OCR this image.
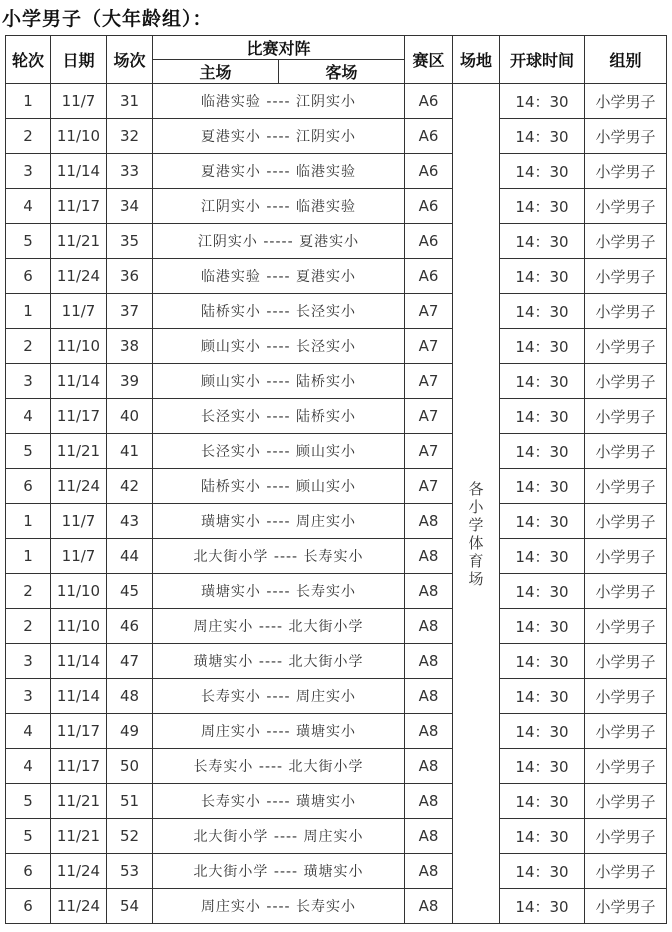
小学男子（大年龄组）：
轮次	日期	场次	比赛对阵		赛区	场地	开球时间	组别
			主场	客场				
1	11/7	31	临港实验 ---- 江阴实小		A6	各小学体育场	14：30	小学男子
2	11/10	32	夏港实小 ---- 江阴实小		A6		14：30	小学男子
3	11/14	33	夏港实小 ---- 临港实验		A6		14：30	小学男子
4	11/17	34	江阴实小 ---- 临港实验		A6		14：30	小学男子
5	11/21	35	江阴实小 ----- 夏港实小		A6		14：30	小学男子
6	11/24	36	临港实验 ---- 夏港实小		A6		14：30	小学男子
1	11/7	37	陆桥实小 ---- 长泾实小		A7		14：30	小学男子
2	11/10	38	顾山实小 ---- 长泾实小		A7		14：30	小学男子
3	11/14	39	顾山实小 ---- 陆桥实小		A7		14：30	小学男子
4	11/17	40	长泾实小 ---- 陆桥实小		A7		14：30	小学男子
5	11/21	41	长泾实小 ---- 顾山实小		A7		14：30	小学男子
6	11/24	42	陆桥实小 ---- 顾山实小		A7		14：30	小学男子
1	11/7	43	璜塘实小 ---- 周庄实小		A8		14：30	小学男子
1	11/7	44	北大街小学 ---- 长寿实小		A8		14：30	小学男子
2	11/10	45	璜塘实小 ---- 长寿实小		A8		14：30	小学男子
2	11/10	46	周庄实小 ---- 北大街小学		A8		14：30	小学男子
3	11/14	47	璜塘实小 ---- 北大街小学		A8		14：30	小学男子
3	11/14	48	长寿实小 ---- 周庄实小		A8		14：30	小学男子
4	11/17	49	周庄实小 ---- 璜塘实小		A8		14：30	小学男子
4	11/17	50	长寿实小 ---- 北大街小学		A8		14：30	小学男子
5	11/21	51	长寿实小 ---- 璜塘实小		A8		14：30	小学男子
5	11/21	52	北大街小学 ---- 周庄实小		A8		14：30	小学男子
6	11/24	53	北大街小学 ---- 璜塘实小		A8		14：30	小学男子
6	11/24	54	周庄实小 ---- 长寿实小		A8		14：30	小学男子
